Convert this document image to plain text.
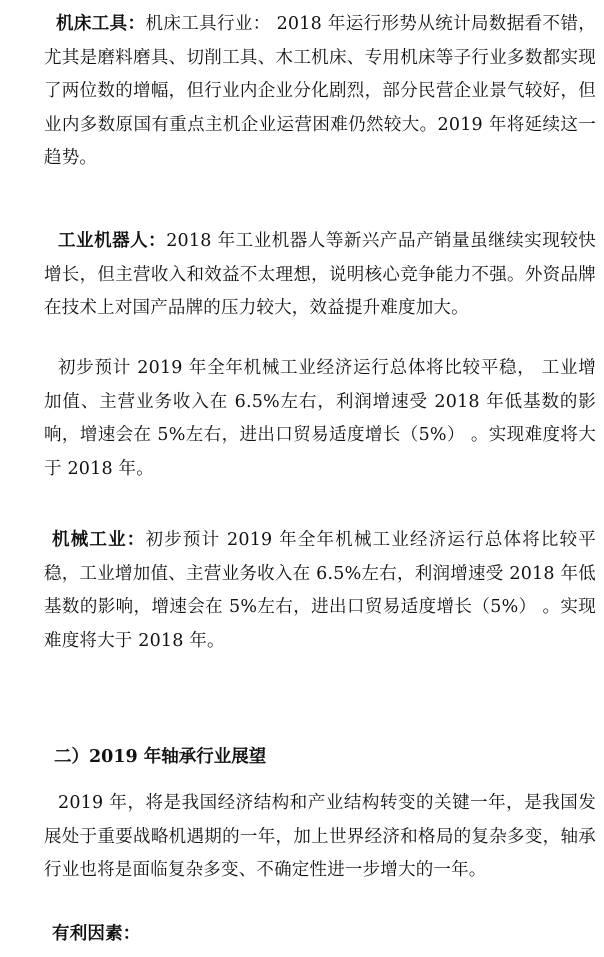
机床工具：机床工具行业： 2018 年运行形势从统计局数据看不错，尤其是磨料磨具、切削工具、木工机床、专用机床等子行业多数都实现了两位数的增幅，但行业内企业分化剧烈，部分民营企业景气较好，但业内多数原国有重点主机企业运营困难仍然较大。2019 年将延续这一趋势。

工业机器人：2018 年工业机器人等新兴产品产销量虽继续实现较快增长，但主营收入和效益不太理想，说明核心竞争能力不强。外资品牌在技术上对国产品牌的压力较大，效益提升难度加大。

初步预计 2019 年全年机械工业经济运行总体将比较平稳， 工业增加值、主营业务收入在 6.5%左右，利润增速受 2018 年低基数的影响，增速会在 5%左右，进出口贸易适度增长（5%） 。实现难度将大于 2018 年。

机械工业：初步预计 2019 年全年机械工业经济运行总体将比较平稳，工业增加值、主营业务收入在 6.5%左右，利润增速受 2018 年低基数的影响，增速会在 5%左右，进出口贸易适度增长（5%） 。实现难度将大于 2018 年。

二）2019 年轴承行业展望

2019 年，将是我国经济结构和产业结构转变的关键一年，是我国发展处于重要战略机遇期的一年，加上世界经济和格局的复杂多变，轴承行业也将是面临复杂多变、不确定性进一步增大的一年。

有利因素：
